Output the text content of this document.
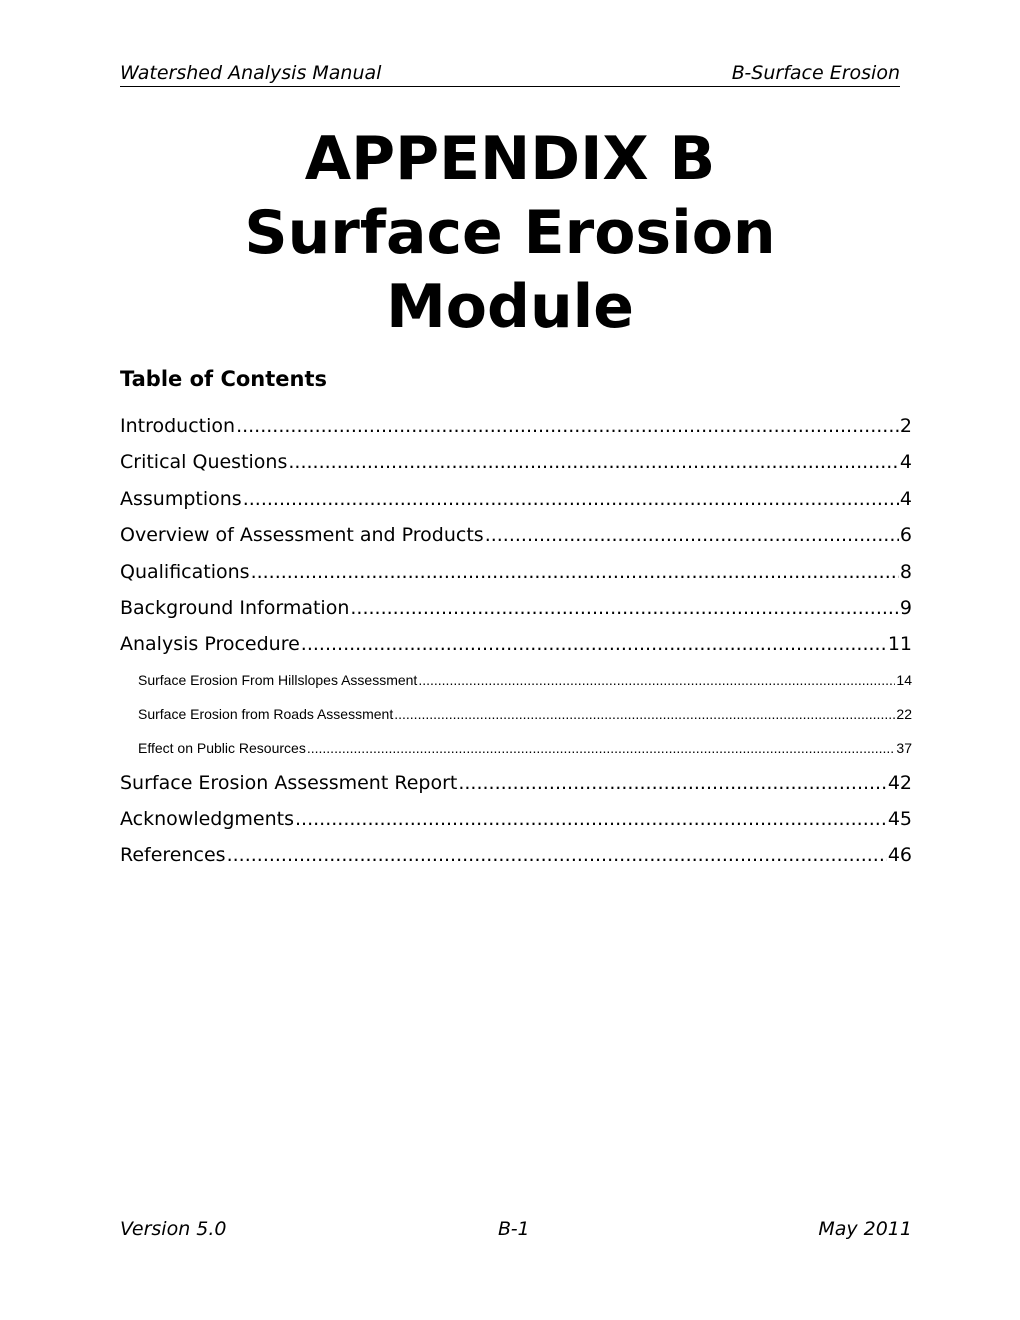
Watershed Analysis Manual	B-Surface Erosion
APPENDIX B
Surface Erosion
Module
Table of Contents
Introduction .....	2
Critical Questions .....	4
Assumptions .....	4
Overview of Assessment and Products .....	6
Qualifications .....	8
Background Information .....	9
Analysis Procedure .....	11
Surface Erosion From Hillslopes Assessment .....	14
Surface Erosion from Roads Assessment .....	22
Effect on Public Resources .....	37
Surface Erosion Assessment Report .....	42
Acknowledgments .....	45
References .....	46
Version 5.0	B-1	May 2011
